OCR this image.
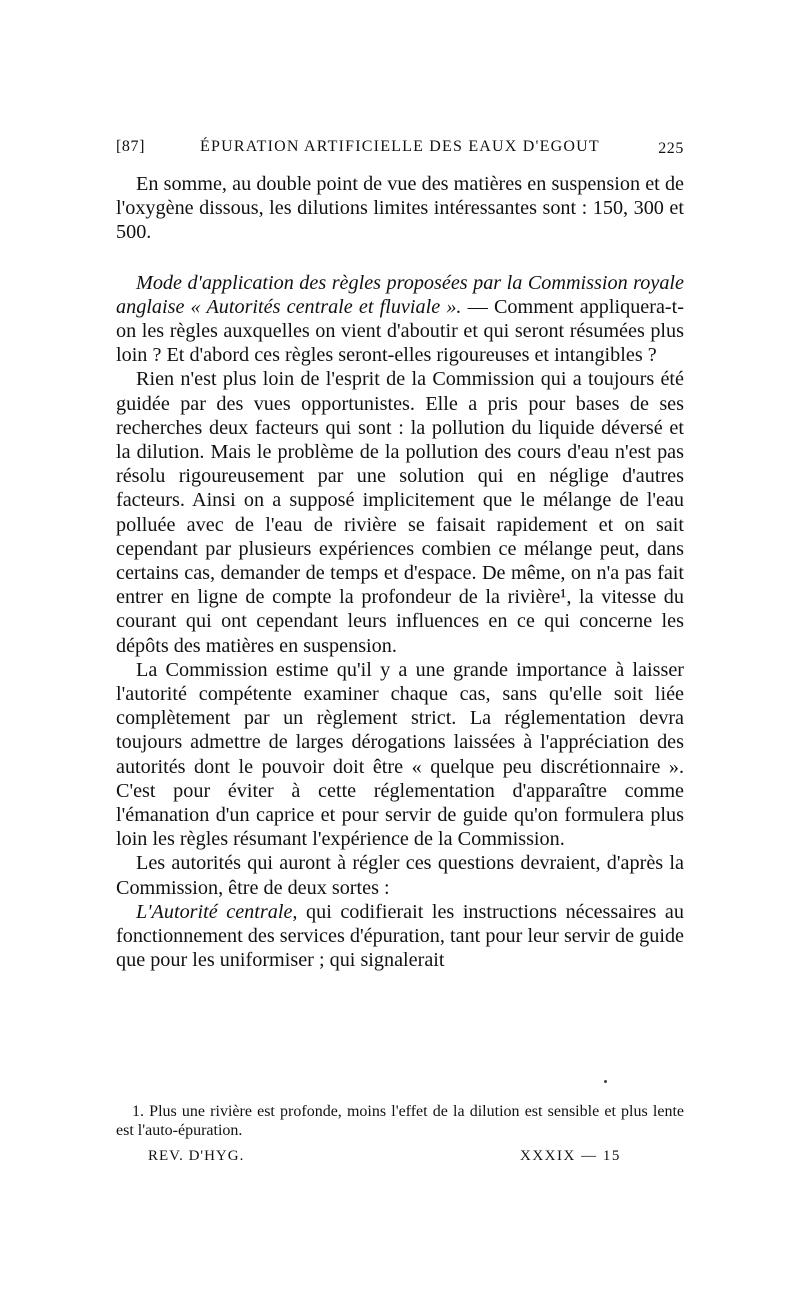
[87]	ÉPURATION ARTIFICIELLE DES EAUX D'EGOUT	225

En somme, au double point de vue des matières en suspension et de l'oxygène dissous, les dilutions limites intéressantes sont : 150, 300 et 500.

Mode d'application des règles proposées par la Commission royale anglaise « Autorités centrale et fluviale ». — Comment appliquera-t-on les règles auxquelles on vient d'aboutir et qui seront résumées plus loin ? Et d'abord ces règles seront-elles rigoureuses et intangibles ?

Rien n'est plus loin de l'esprit de la Commission qui a toujours été guidée par des vues opportunistes. Elle a pris pour bases de ses recherches deux facteurs qui sont : la pollution du liquide déversé et la dilution. Mais le problème de la pollution des cours d'eau n'est pas résolu rigoureusement par une solution qui en néglige d'autres facteurs. Ainsi on a supposé implicitement que le mélange de l'eau polluée avec de l'eau de rivière se faisait rapidement et on sait cependant par plusieurs expériences combien ce mélange peut, dans certains cas, demander de temps et d'espace. De même, on n'a pas fait entrer en ligne de compte la profondeur de la rivière¹, la vitesse du courant qui ont cependant leurs influences en ce qui concerne les dépôts des matières en suspension.

La Commission estime qu'il y a une grande importance à laisser l'autorité compétente examiner chaque cas, sans qu'elle soit liée complètement par un règlement strict. La réglementation devra toujours admettre de larges dérogations laissées à l'appréciation des autorités dont le pouvoir doit être « quelque peu discrétionnaire ». C'est pour éviter à cette réglementation d'apparaître comme l'émanation d'un caprice et pour servir de guide qu'on formulera plus loin les règles résumant l'expérience de la Commission.

Les autorités qui auront à régler ces questions devraient, d'après la Commission, être de deux sortes :

L'Autorité centrale, qui codifierait les instructions nécessaires au fonctionnement des services d'épuration, tant pour leur servir de guide que pour les uniformiser ; qui signalerait

1. Plus une rivière est profonde, moins l'effet de la dilution est sensible et plus lente est l'auto-épuration.

REV. D'HYG.	XXXIX — 15
